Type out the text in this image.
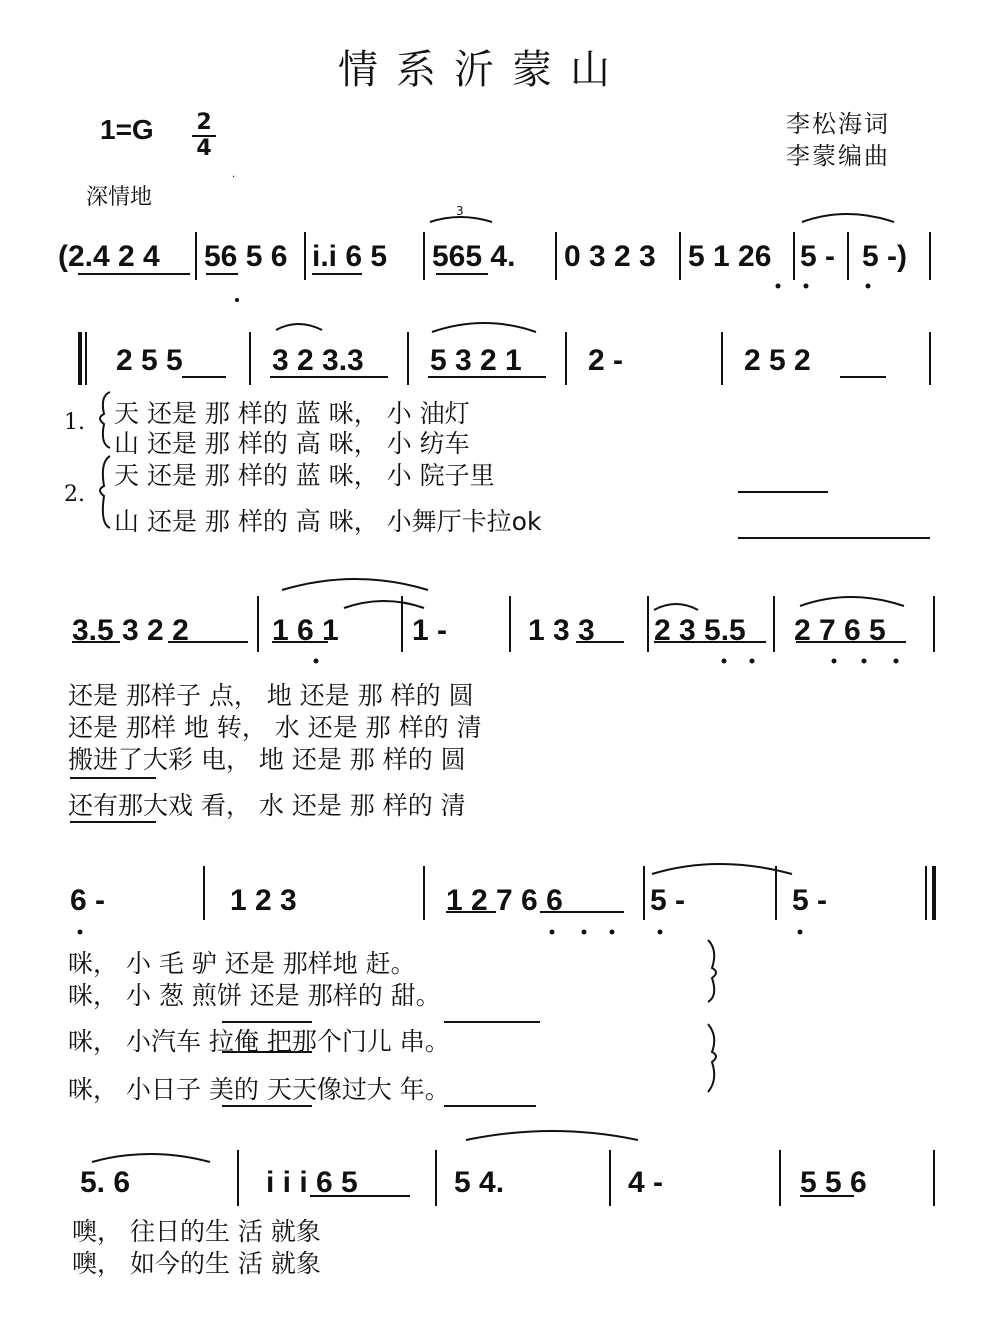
情系沂蒙山
李松海词
李蒙编曲
1=G 2
4
深情地
·
3
(2.4 2 4 56 5 6 i.i 6 5 565 4. 0 3 2 3 5 1 26 5 - 5 -)
2 5 5	3 2 3.3 5 3 2 1 2 -	2 5 2
1.
2.
天 还是 那 样的 蓝 咪， 小 油灯
山 还是 那 样的 高 咪， 小 纺车
天 还是 那 样的 蓝 咪， 小 院子里
山 还是 那 样的 高 咪， 小舞厅卡拉ok
3.5 3 2 2	1 6 1 1 -	1 3 3 2 3 5.5 2 7 6 5
还是 那样子 点， 地 还是 那 样的 圆
还是 那样 地 转， 水 还是 那 样的 清
搬进了大彩 电， 地 还是 那 样的 圆
还有那大戏 看， 水 还是 那 样的 清
6 -	1 2 3	1 2 7 6 6	5 -	5 -
咪， 小 毛 驴 还是 那样地 赶。
咪， 小 葱 煎饼 还是 那样的 甜。
咪， 小汽车 拉俺 把那个门儿 串。
咪， 小日子 美的 天天像过大 年。
5. 6	i i i 6 5	5 4.	4 -	5 5 6
噢， 往日的生 活 就象
噢， 如今的生 活 就象
